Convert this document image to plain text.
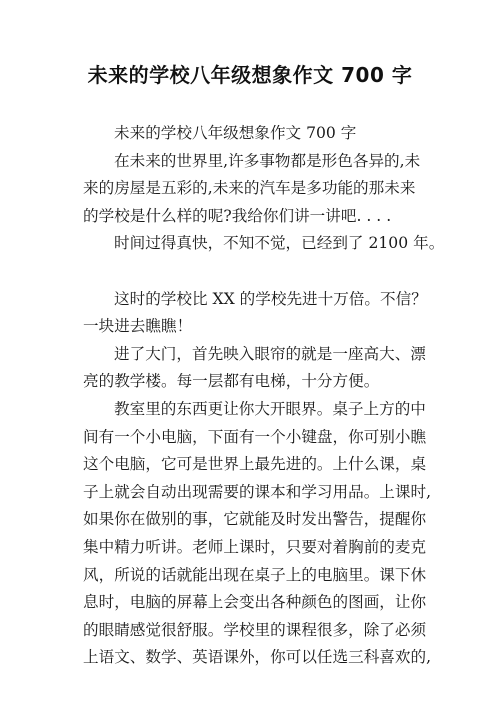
未来的学校八年级想象作文 700 字
未来的学校八年级想象作文 700 字
在未来的世界里,许多事物都是形色各异的,未
来的房屋是五彩的,未来的汽车是多功能的那未来
的学校是什么样的呢?我给你们讲一讲吧. . . .
时间过得真快，不知不觉，已经到了 2100 年。
这时的学校比 XX 的学校先进十万倍。不信？
一块进去瞧瞧！
进了大门，首先映入眼帘的就是一座高大、漂
亮的教学楼。每一层都有电梯，十分方便。
教室里的东西更让你大开眼界。桌子上方的中
间有一个小电脑，下面有一个小键盘，你可别小瞧
这个电脑，它可是世界上最先进的。上什么课，桌
子上就会自动出现需要的课本和学习用品。上课时,
如果你在做别的事，它就能及时发出警告，提醒你
集中精力听讲。老师上课时，只要对着胸前的麦克
风，所说的话就能出现在桌子上的电脑里。课下休
息时，电脑的屏幕上会变出各种颜色的图画，让你
的眼睛感觉很舒服。学校里的课程很多，除了必须
上语文、数学、英语课外，你可以任选三科喜欢的,
